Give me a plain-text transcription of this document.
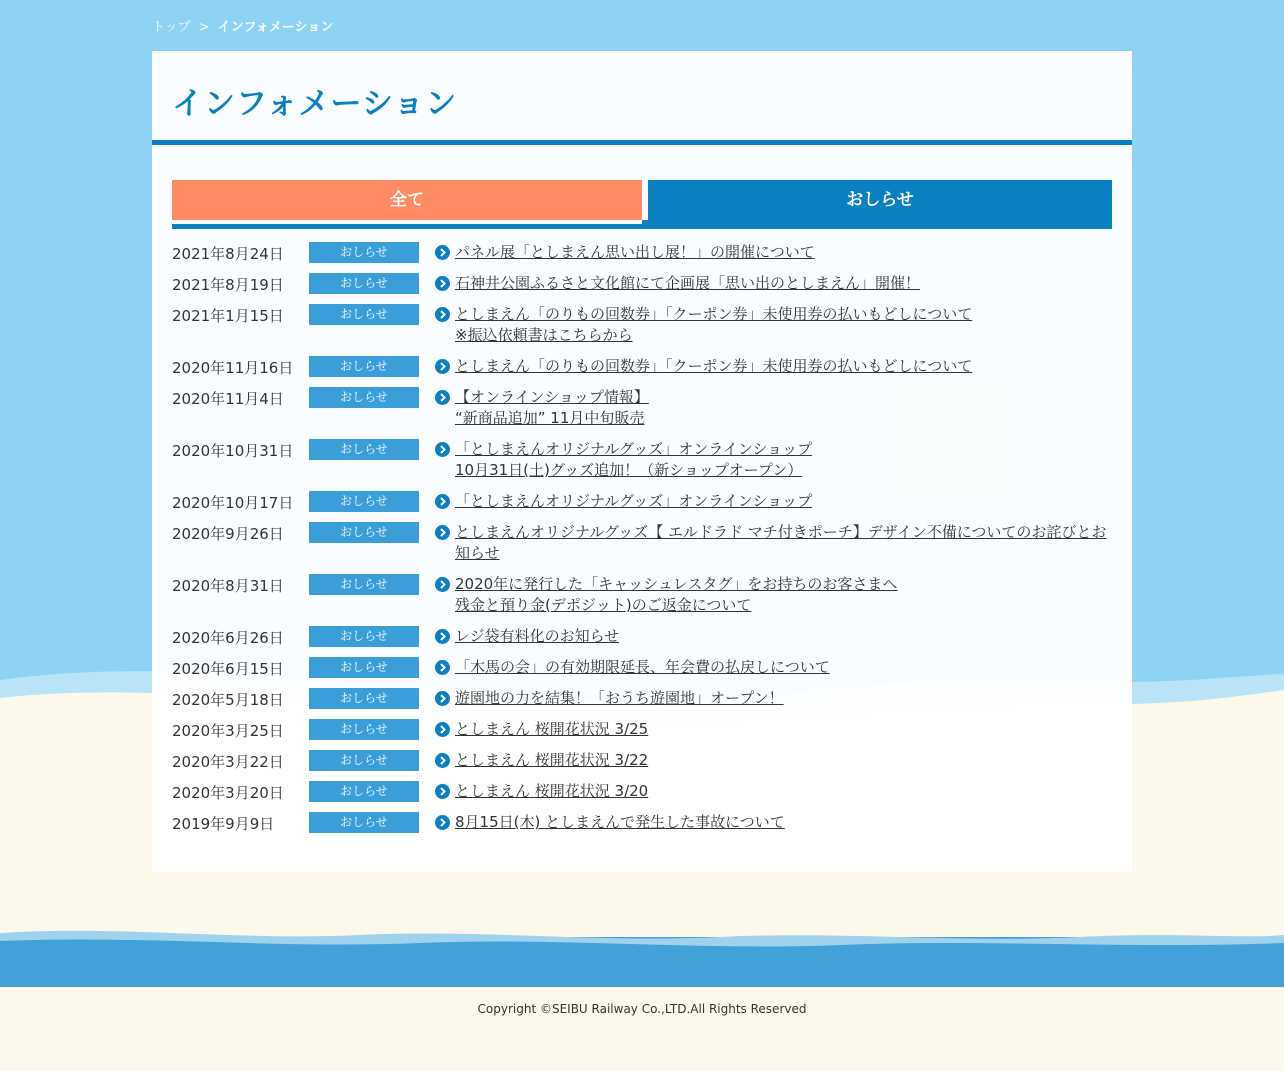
トップ > インフォメーション
インフォメーション
全て	おしらせ
2021年8月24日	おしらせ	パネル展「としまえん思い出し展！」の開催について
2021年8月19日	おしらせ	石神井公園ふるさと文化館にて企画展「思い出のとしまえん」開催！
2021年1月15日	おしらせ	としまえん「のりもの回数券」「クーポン券」未使用券の払いもどしについて
※振込依頼書はこちらから
2020年11月16日	おしらせ	としまえん「のりもの回数券」「クーポン券」未使用券の払いもどしについて
2020年11月4日	おしらせ	【オンラインショップ情報】
“新商品追加” 11月中旬販売
2020年10月31日	おしらせ	「としまえんオリジナルグッズ」オンラインショップ
10月31日(土)グッズ追加！（新ショップオープン）
2020年10月17日	おしらせ	「としまえんオリジナルグッズ」オンラインショップ
2020年9月26日	おしらせ	としまえんオリジナルグッズ【 エルドラド マチ付きポーチ】デザイン不備についてのお詫びとお知らせ
2020年8月31日	おしらせ	2020年に発行した「キャッシュレスタグ」をお持ちのお客さまへ
残金と預り金(デポジット)のご返金について
2020年6月26日	おしらせ	レジ袋有料化のお知らせ
2020年6月15日	おしらせ	「木馬の会」の有効期限延長、年会費の払戻しについて
2020年5月18日	おしらせ	遊園地の力を結集！「おうち遊園地」オープン！
2020年3月25日	おしらせ	としまえん 桜開花状況 3/25
2020年3月22日	おしらせ	としまえん 桜開花状況 3/22
2020年3月20日	おしらせ	としまえん 桜開花状況 3/20
2019年9月9日	おしらせ	8月15日(木) としまえんで発生した事故について
Copyright ©SEIBU Railway Co.,LTD.All Rights Reserved
